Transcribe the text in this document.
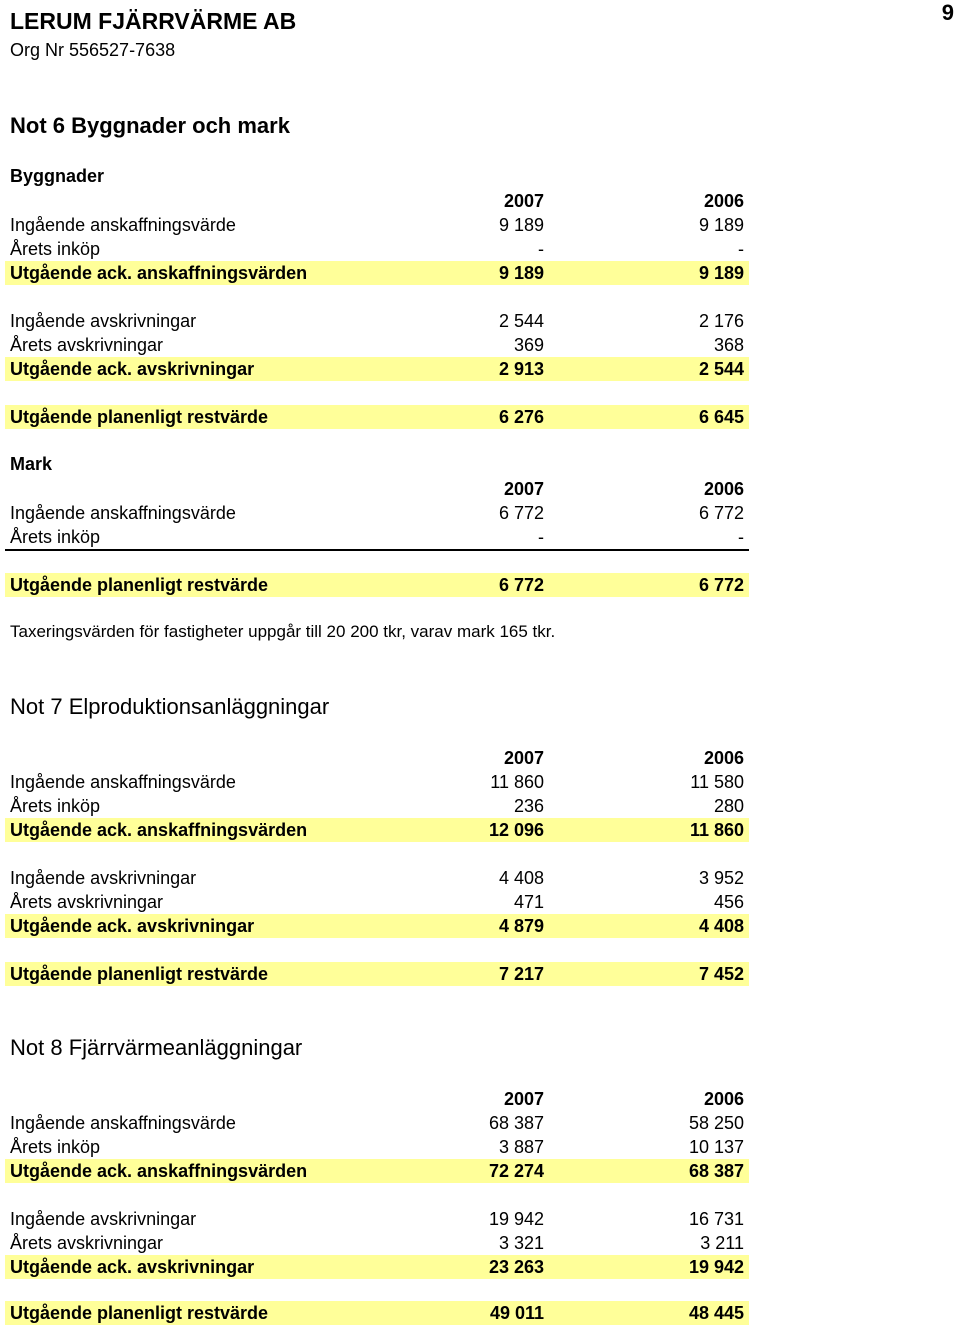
LERUM FJÄRRVÄRME AB
Org Nr 556527-7638
9
Not 6 Byggnader och mark
Byggnader
2007	2006
Ingående anskaffningsvärde	9 189	9 189
Årets inköp	-	-
Utgående ack. anskaffningsvärden	9 189	9 189
Ingående avskrivningar	2 544	2 176
Årets avskrivningar	369	368
Utgående ack. avskrivningar	2 913	2 544
Utgående planenligt restvärde	6 276	6 645
Mark
2007	2006
Ingående anskaffningsvärde	6 772	6 772
Årets inköp	-	-
Utgående planenligt restvärde	6 772	6 772
Taxeringsvärden för fastigheter uppgår till 20 200 tkr, varav mark 165 tkr.
Not 7 Elproduktionsanläggningar
2007	2006
Ingående anskaffningsvärde	11 860	11 580
Årets inköp	236	280
Utgående ack. anskaffningsvärden	12 096	11 860
Ingående avskrivningar	4 408	3 952
Årets avskrivningar	471	456
Utgående ack. avskrivningar	4 879	4 408
Utgående planenligt restvärde	7 217	7 452
Not 8 Fjärrvärmeanläggningar
2007	2006
Ingående anskaffningsvärde	68 387	58 250
Årets inköp	3 887	10 137
Utgående ack. anskaffningsvärden	72 274	68 387
Ingående avskrivningar	19 942	16 731
Årets avskrivningar	3 321	3 211
Utgående ack. avskrivningar	23 263	19 942
Utgående planenligt restvärde	49 011	48 445
